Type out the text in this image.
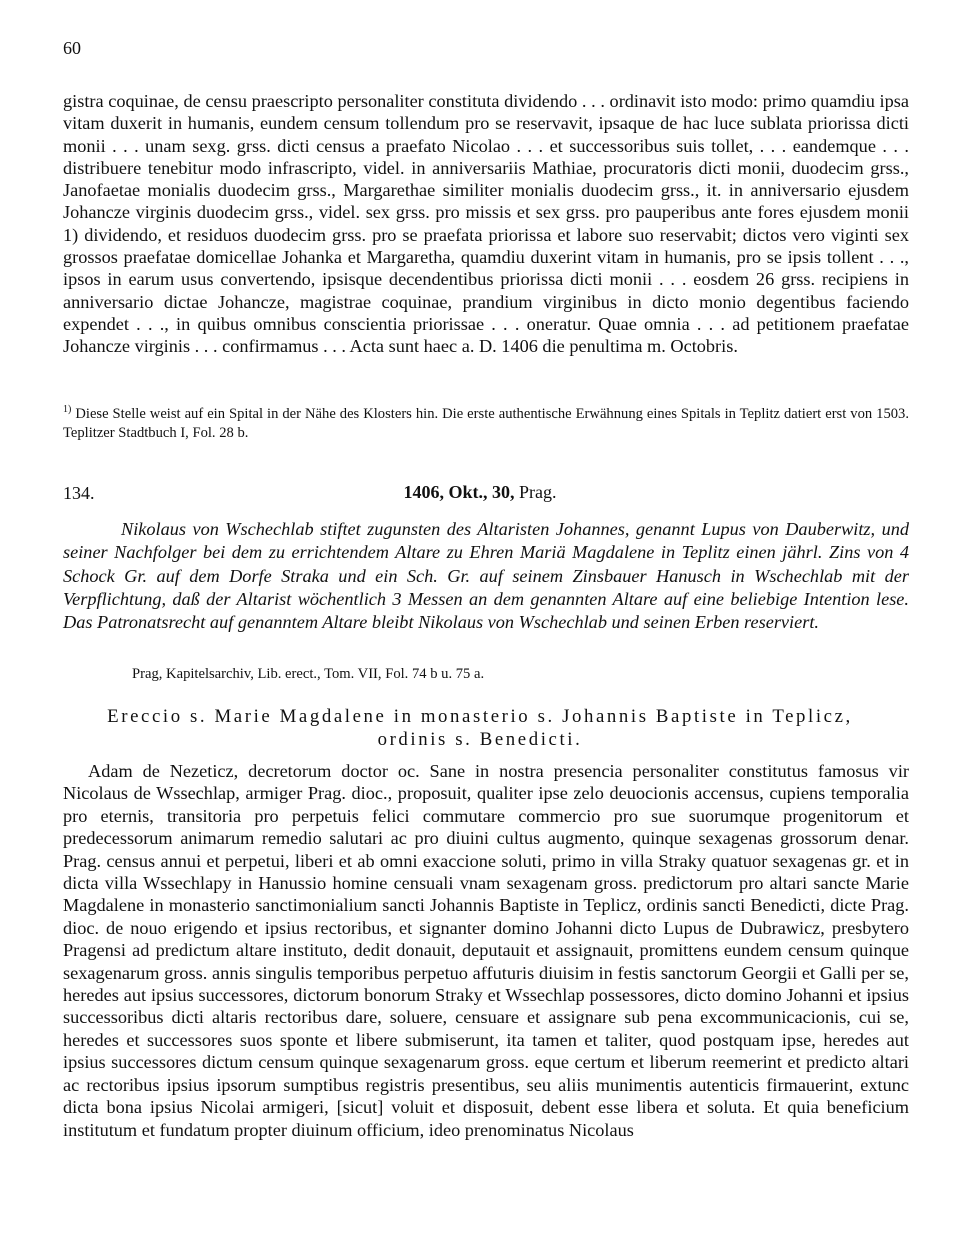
60

gistra coquinae, de censu praescripto personaliter constituta dividendo . . . ordinavit isto modo: primo quamdiu ipsa vitam duxerit in humanis, eundem censum tollendum pro se reservavit, ipsaque de hac luce sublata priorissa dicti monii . . . unam sexg. grss. dicti census a praefato Nicolao . . . et successoribus suis tollet, . . . eandemque . . . distribuere tenebitur modo infrascripto, videl. in anniversariis Mathiae, procuratoris dicti monii, duodecim grss., Janofaetae monialis duodecim grss., Margarethae similiter monialis duodecim grss., it. in anniversario ejusdem Johancze virginis duodecim grss., videl. sex grss. pro missis et sex grss. pro pauperibus ante fores ejusdem monii 1) dividendo, et residuos duodecim grss. pro se praefata priorissa et labore suo reservabit; dictos vero viginti sex grossos praefatae domicellae Johanka et Margaretha, quamdiu duxerint vitam in humanis, pro se ipsis tollent . . ., ipsos in earum usus convertendo, ipsisque decendentibus priorissa dicti monii . . . eosdem 26 grss. recipiens in anniversario dictae Johancze, magistrae coquinae, prandium virginibus in dicto monio degentibus faciendo expendet . . ., in quibus omnibus conscientia priorissae . . . oneratur. Quae omnia . . . ad petitionem praefatae Johancze virginis . . . confirmamus . . . Acta sunt haec a. D. 1406 die penultima m. Octobris.

$^{1)}$ Diese Stelle weist auf ein Spital in der Nähe des Klosters hin. Die erste authentische Erwähnung eines Spitals in Teplitz datiert erst von 1503. Teplitzer Stadtbuch I, Fol. 28 b.

134.	1406, Okt., 30, Prag.

Nikolaus von Wschechlab stiftet zugunsten des Altaristen Johannes, genannt Lupus von Dauberwitz, und seiner Nachfolger bei dem zu errichtendem Altare zu Ehren Mariä Magdalene in Teplitz einen jährl. Zins von 4 Schock Gr. auf dem Dorfe Straka und ein Sch. Gr. auf seinem Zinsbauer Hanusch in Wschechlab mit der Verpflichtung, daß der Altarist wöchentlich 3 Messen an dem genannten Altare auf eine beliebige Intention lese. Das Patronatsrecht auf genanntem Altare bleibt Nikolaus von Wschechlab und seinen Erben reserviert.

Prag, Kapitelsarchiv, Lib. erect., Tom. VII, Fol. 74 b u. 75 a.
Ereccio s. Marie Magdalene in monasterio s. Johannis Baptiste in Teplicz,
ordinis s. Benedicti.

Adam de Nezeticz, decretorum doctor oc. Sane in nostra presencia personaliter constitutus famosus vir Nicolaus de Wssechlap, armiger Prag. dioc., proposuit, qualiter ipse zelo deuocionis accensus, cupiens temporalia pro eternis, transitoria pro perpetuis felici commutare commercio pro sue suorumque progenitorum et predecessorum animarum remedio salutari ac pro diuini cultus augmento, quinque sexagenas grossorum denar. Prag. census annui et perpetui, liberi et ab omni exaccione soluti, primo in villa Straky quatuor sexagenas gr. et in dicta villa Wssechlapy in Hanussio homine censuali vnam sexagenam gross. predictorum pro altari sancte Marie Magdalene in monasterio sanctimonialium sancti Johannis Baptiste in Teplicz, ordinis sancti Benedicti, dicte Prag. dioc. de nouo erigendo et ipsius rectoribus, et signanter domino Johanni dicto Lupus de Dubrawicz, presbytero Pragensi ad predictum altare instituto, dedit donauit, deputauit et assignauit, promittens eundem censum quinque sexagenarum gross. annis singulis temporibus perpetuo affuturis diuisim in festis sanctorum Georgii et Galli per se, heredes aut ipsius successores, dictorum bonorum Straky et Wssechlap possessores, dicto domino Johanni et ipsius successoribus dicti altaris rectoribus dare, soluere, censuare et assignare sub pena excommunicacionis, cui se, heredes et successores suos sponte et libere submiserunt, ita tamen et taliter, quod postquam ipse, heredes aut ipsius successores dictum censum quinque sexagenarum gross. eque certum et liberum reemerint et predicto altari ac rectoribus ipsius ipsorum sumptibus registris presentibus, seu aliis munimentis autenticis firmauerint, extunc dicta bona ipsius Nicolai armigeri, [sicut] voluit et disposuit, debent esse libera et soluta. Et quia beneficium institutum et fundatum propter diuinum officium, ideo prenominatus Nicolaus
